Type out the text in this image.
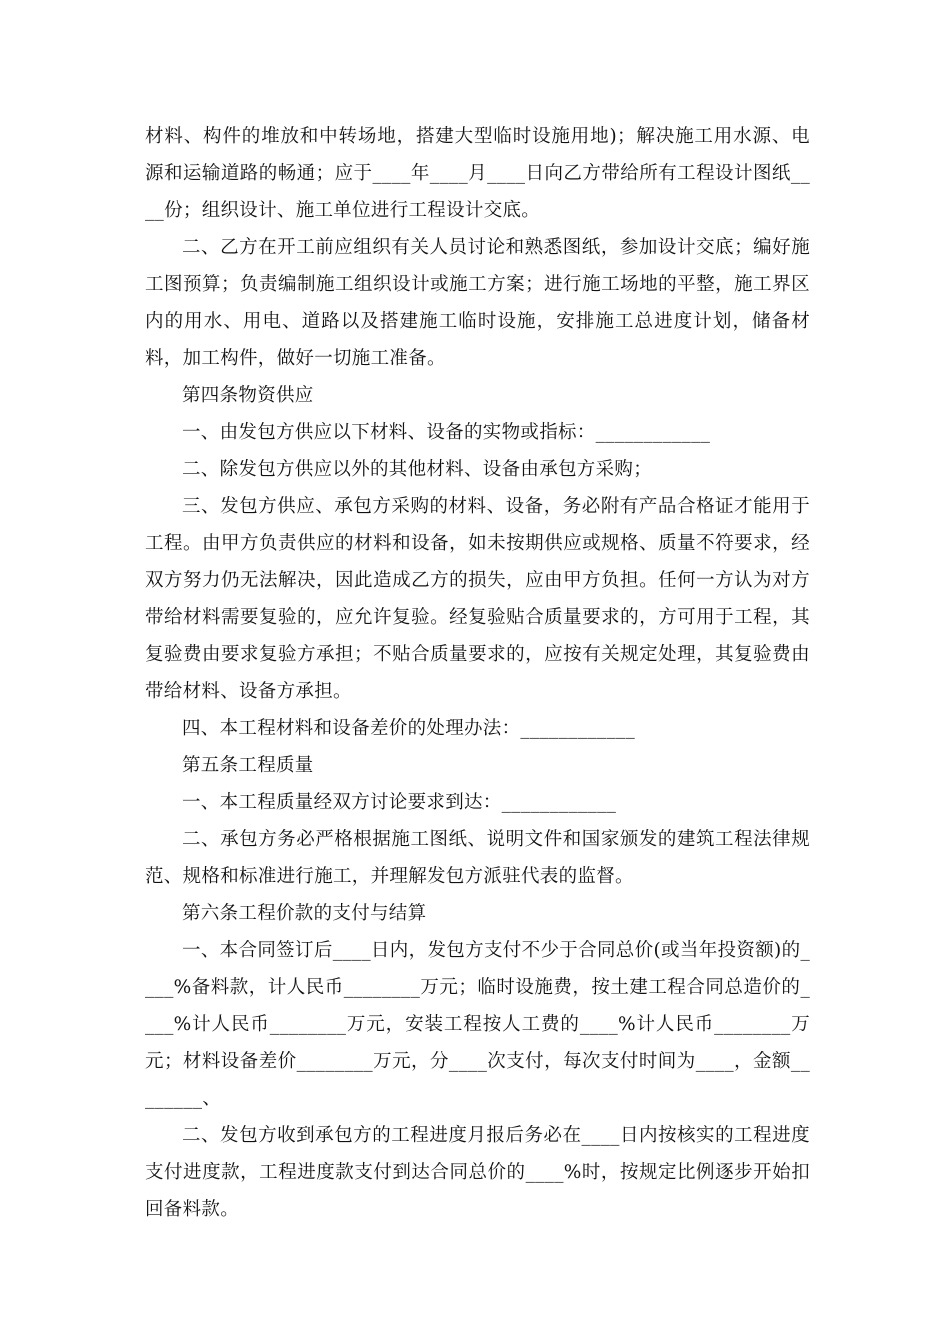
材料、构件的堆放和中转场地，搭建大型临时设施用地)；解决施工用水源、电源和运输道路的畅通；应于____年____月____日向乙方带给所有工程设计图纸____份；组织设计、施工单位进行工程设计交底。

二、乙方在开工前应组织有关人员讨论和熟悉图纸，参加设计交底；编好施工图预算；负责编制施工组织设计或施工方案；进行施工场地的平整，施工界区内的用水、用电、道路以及搭建施工临时设施，安排施工总进度计划，储备材料，加工构件，做好一切施工准备。

第四条物资供应

一、由发包方供应以下材料、设备的实物或指标：____________

二、除发包方供应以外的其他材料、设备由承包方采购；

三、发包方供应、承包方采购的材料、设备，务必附有产品合格证才能用于工程。由甲方负责供应的材料和设备，如未按期供应或规格、质量不符要求，经双方努力仍无法解决，因此造成乙方的损失，应由甲方负担。任何一方认为对方带给材料需要复验的，应允许复验。经复验贴合质量要求的，方可用于工程，其复验费由要求复验方承担；不贴合质量要求的，应按有关规定处理，其复验费由带给材料、设备方承担。

四、本工程材料和设备差价的处理办法：____________

第五条工程质量

一、本工程质量经双方讨论要求到达：____________

二、承包方务必严格根据施工图纸、说明文件和国家颁发的建筑工程法律规范、规格和标准进行施工，并理解发包方派驻代表的监督。

第六条工程价款的支付与结算

一、本合同签订后____日内，发包方支付不少于合同总价(或当年投资额)的____%备料款，计人民币________万元；临时设施费，按土建工程合同总造价的____%计人民币________万元，安装工程按人工费的____%计人民币________万元；材料设备差价________万元，分____次支付，每次支付时间为____，金额________、

二、发包方收到承包方的工程进度月报后务必在____日内按核实的工程进度支付进度款，工程进度款支付到达合同总价的____%时，按规定比例逐步开始扣回备料款。
